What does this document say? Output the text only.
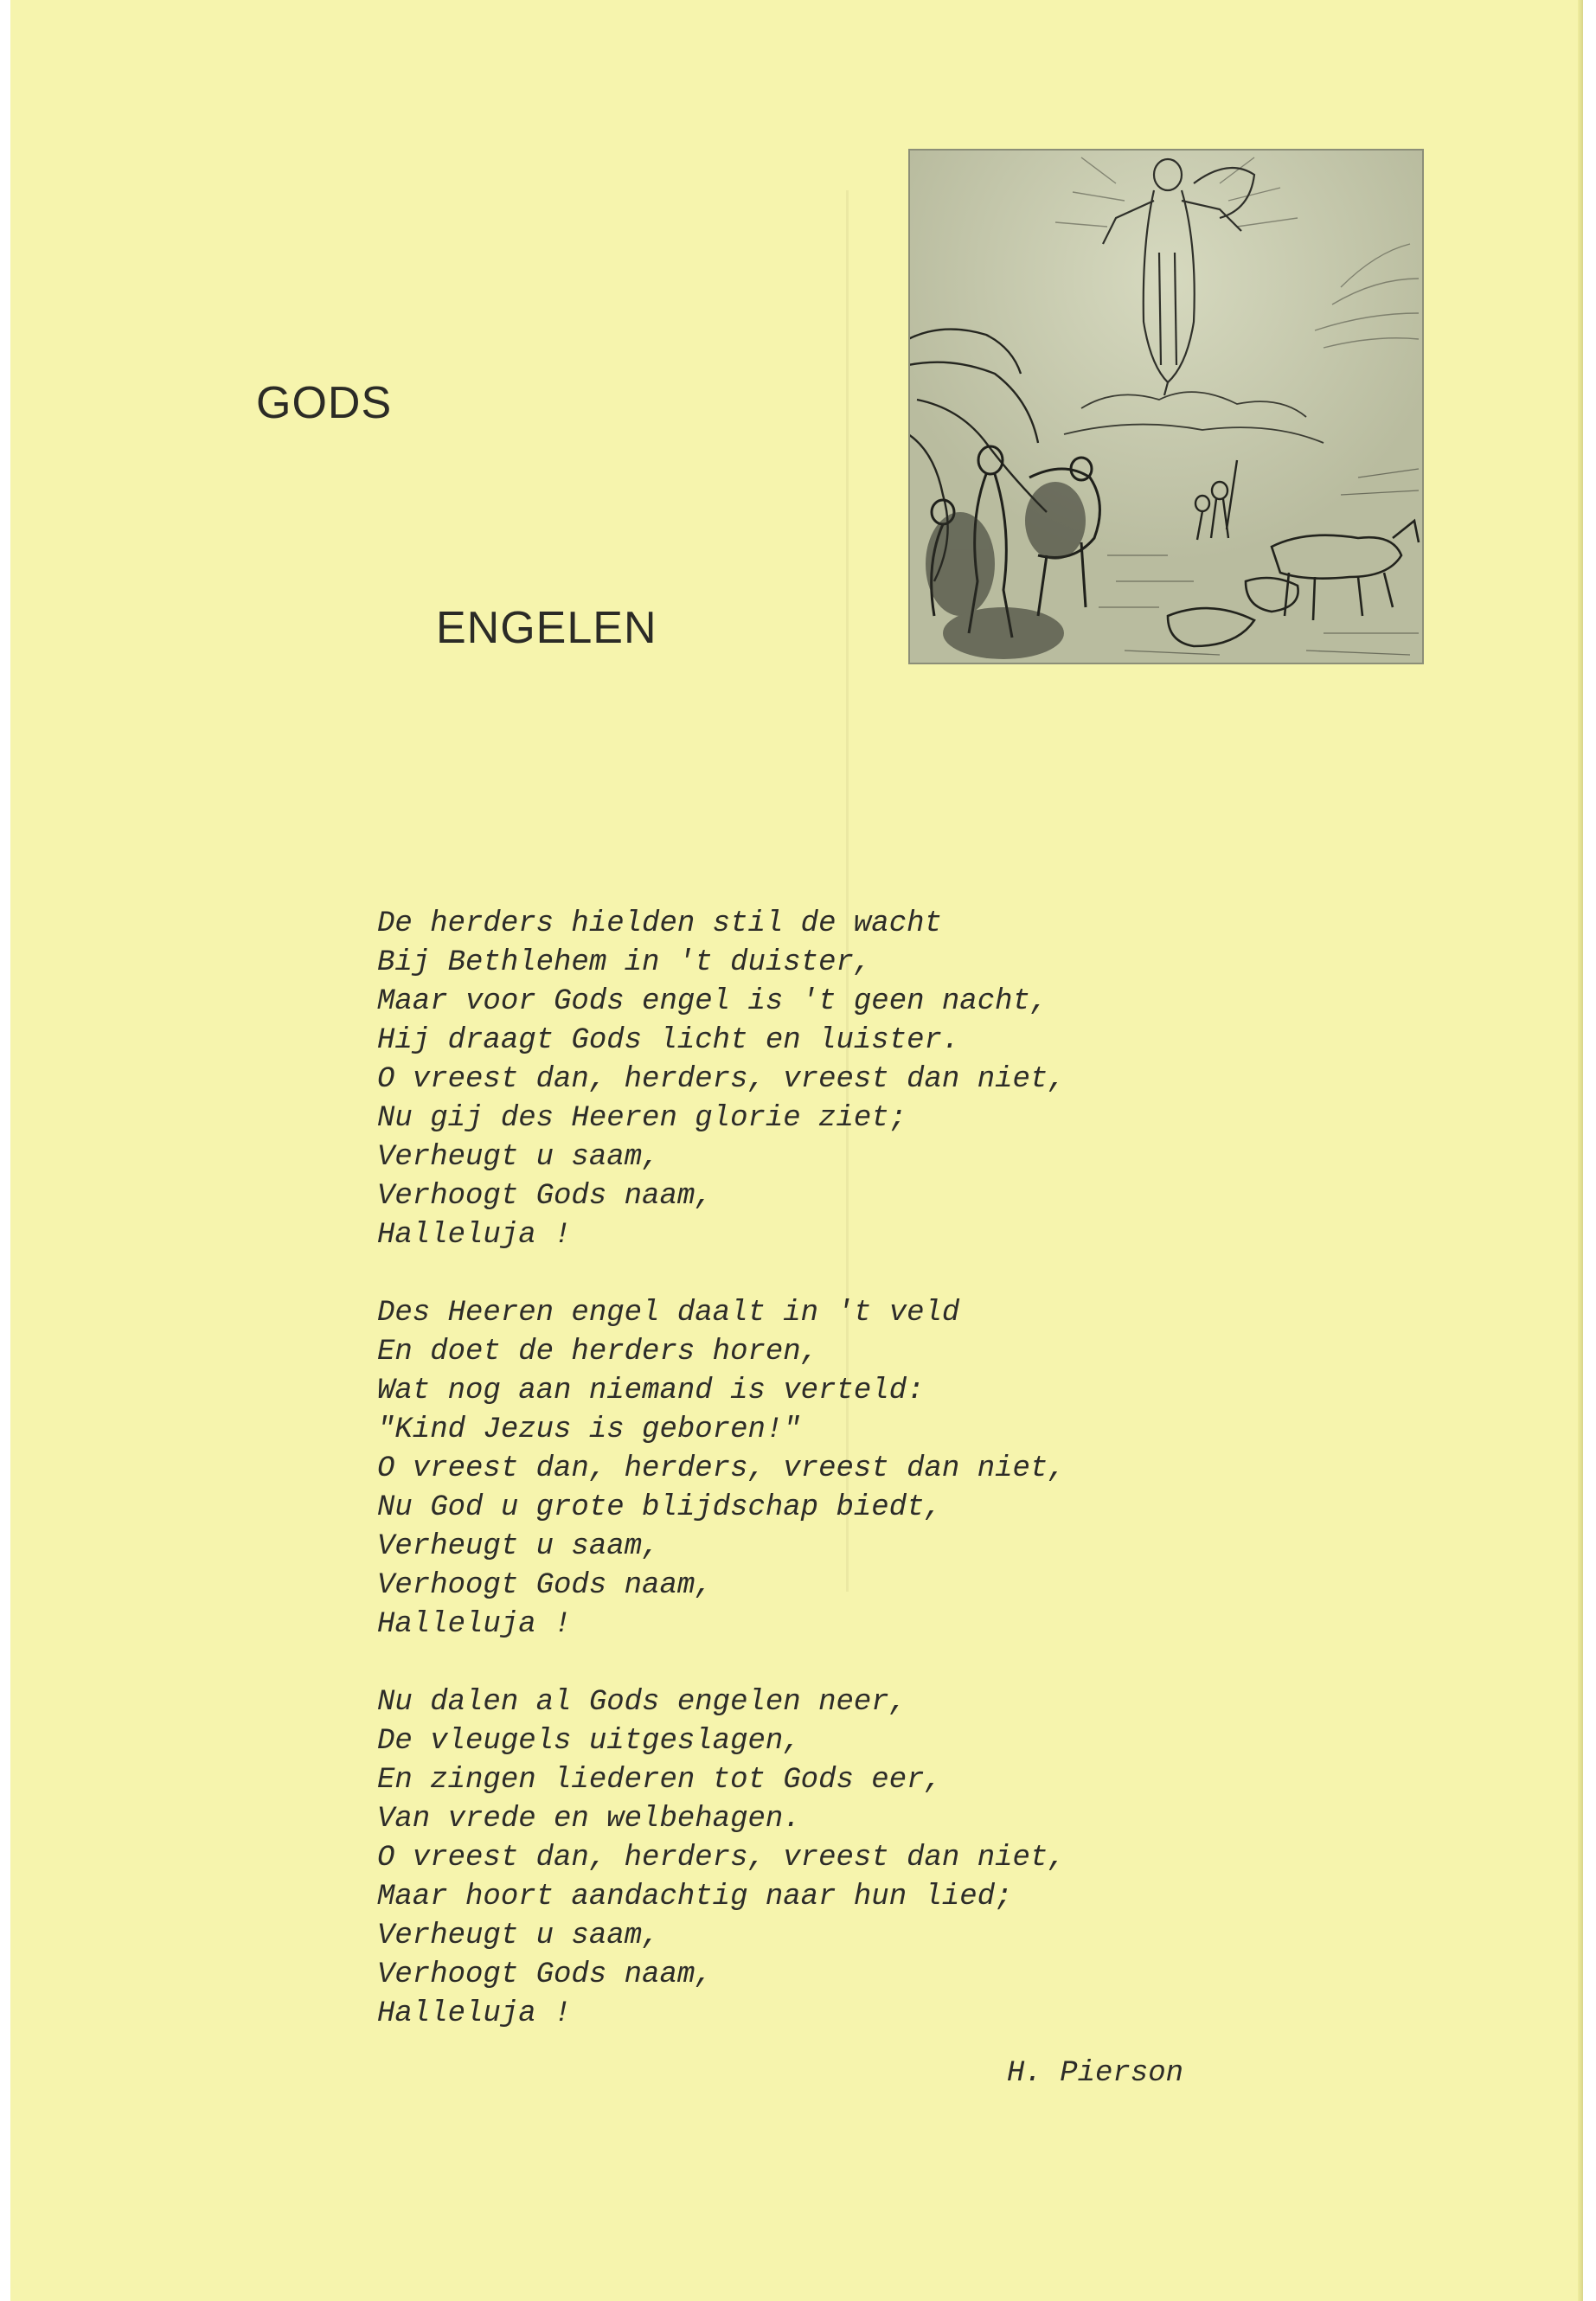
GODS
ENGELEN
De herders hielden stil de wacht
Bij Bethlehem in 't duister,
Maar voor Gods engel is 't geen nacht,
Hij draagt Gods licht en luister.
O vreest dan, herders, vreest dan niet,
Nu gij des Heeren glorie ziet;
Verheugt u saam,
Verhoogt Gods naam,
Halleluja !
Des Heeren engel daalt in 't veld
En doet de herders horen,
Wat nog aan niemand is verteld:
"Kind Jezus is geboren!"
O vreest dan, herders, vreest dan niet,
Nu God u grote blijdschap biedt,
Verheugt u saam,
Verhoogt Gods naam,
Halleluja !
Nu dalen al Gods engelen neer,
De vleugels uitgeslagen,
En zingen liederen tot Gods eer,
Van vrede en welbehagen.
O vreest dan, herders, vreest dan niet,
Maar hoort aandachtig naar hun lied;
Verheugt u saam,
Verhoogt Gods naam,
Halleluja !
H. Pierson
